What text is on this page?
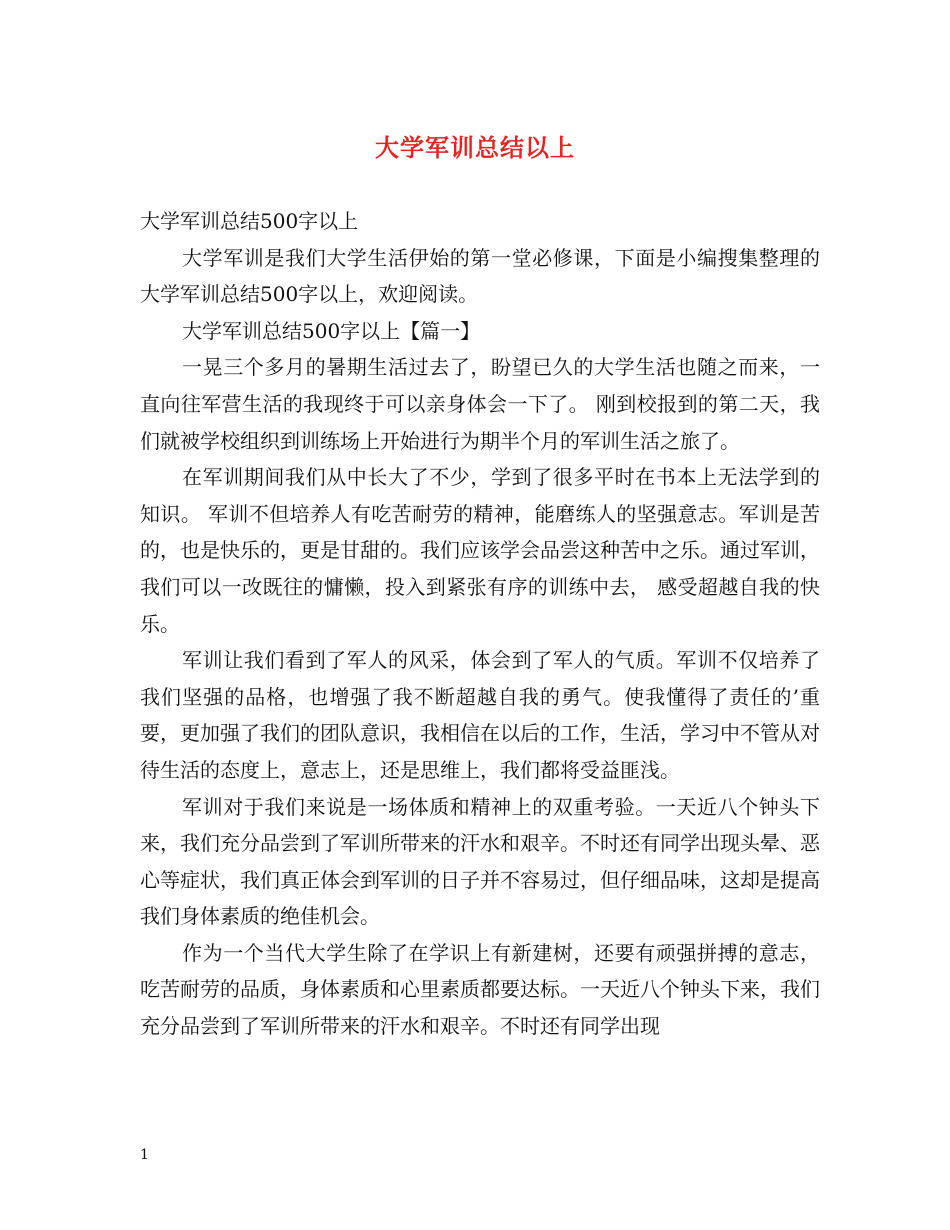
大学军训总结以上

大学军训总结500字以上

大学军训是我们大学生活伊始的第一堂必修课，下面是小编搜集整理的大学军训总结500字以上，欢迎阅读。

大学军训总结500字以上【篇一】

一晃三个多月的暑期生活过去了，盼望已久的大学生活也随之而来，一直向往军营生活的我现终于可以亲身体会一下了。 刚到校报到的第二天，我们就被学校组织到训练场上开始进行为期半个月的军训生活之旅了。

在军训期间我们从中长大了不少，学到了很多平时在书本上无法学到的知识。 军训不但培养人有吃苦耐劳的精神，能磨练人的坚强意志。军训是苦的，也是快乐的，更是甘甜的。我们应该学会品尝这种苦中之乐。通过军训，我们可以一改既往的慵懒，投入到紧张有序的训练中去， 感受超越自我的快乐。

军训让我们看到了军人的风采，体会到了军人的气质。军训不仅培养了我们坚强的品格，也增强了我不断超越自我的勇气。使我懂得了责任的’重要，更加强了我们的团队意识，我相信在以后的工作，生活，学习中不管从对待生活的态度上，意志上，还是思维上，我们都将受益匪浅。

军训对于我们来说是一场体质和精神上的双重考验。一天近八个钟头下来，我们充分品尝到了军训所带来的汗水和艰辛。不时还有同学出现头晕、恶心等症状，我们真正体会到军训的日子并不容易过，但仔细品味，这却是提高我们身体素质的绝佳机会。

作为一个当代大学生除了在学识上有新建树，还要有顽强拼搏的意志，吃苦耐劳的品质，身体素质和心里素质都要达标。一天近八个钟头下来，我们充分品尝到了军训所带来的汗水和艰辛。不时还有同学出现

1
